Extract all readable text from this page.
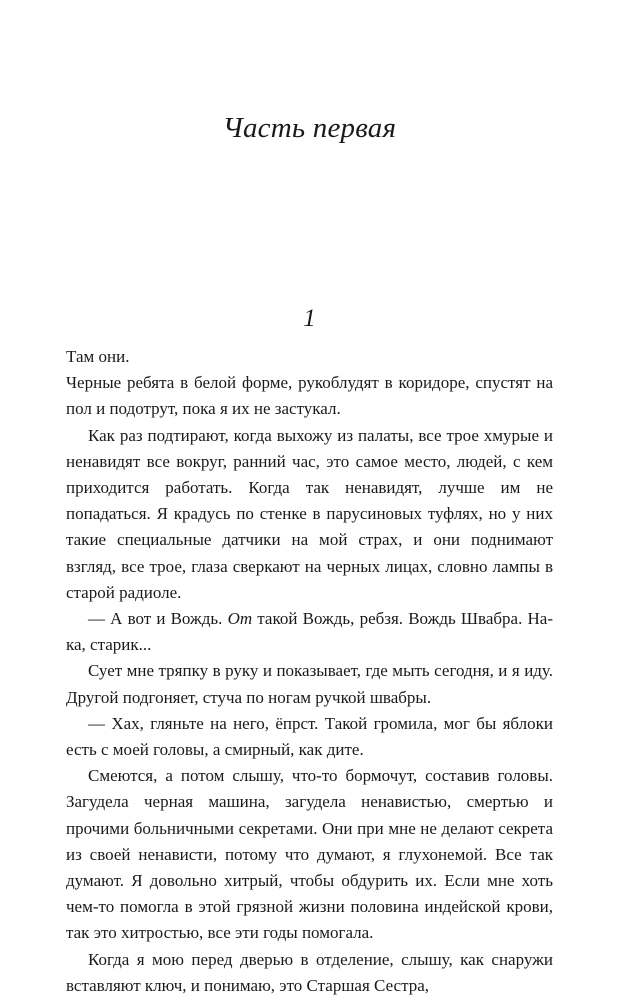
Часть первая
1

Там они.

Черные ребята в белой форме, рукоблудят в коридоре, спустят на пол и подотрут, пока я их не застукал.

Как раз подтирают, когда выхожу из палаты, все трое хмурые и ненавидят все вокруг, ранний час, это самое место, людей, с кем приходится работать. Когда так ненавидят, лучше им не попадаться. Я крадусь по стенке в парусиновых туфлях, но у них такие специальные датчики на мой страх, и они поднимают взгляд, все трое, глаза сверкают на черных лицах, словно лампы в старой радиоле.

— А вот и Вождь. От такой Вождь, ребзя. Вождь Швабра. На-ка, старик...

Сует мне тряпку в руку и показывает, где мыть сегодня, и я иду. Другой подгоняет, стуча по ногам ручкой швабры.

— Хах, гляньте на него, ёпрст. Такой громила, мог бы яблоки есть с моей головы, а смирный, как дите.

Смеются, а потом слышу, что-то бормочут, составив головы. Загудела черная машина, загудела ненавистью, смертью и прочими больничными секретами. Они при мне не делают секрета из своей ненависти, потому что думают, я глухонемой. Все так думают. Я довольно хитрый, чтобы обдурить их. Если мне хоть чем-то помогла в этой грязной жизни половина индейской крови, так это хитростью, все эти годы помогала.

Когда я мою перед дверью в отделение, слышу, как снаружи вставляют ключ, и понимаю, это Старшая Сестра,
